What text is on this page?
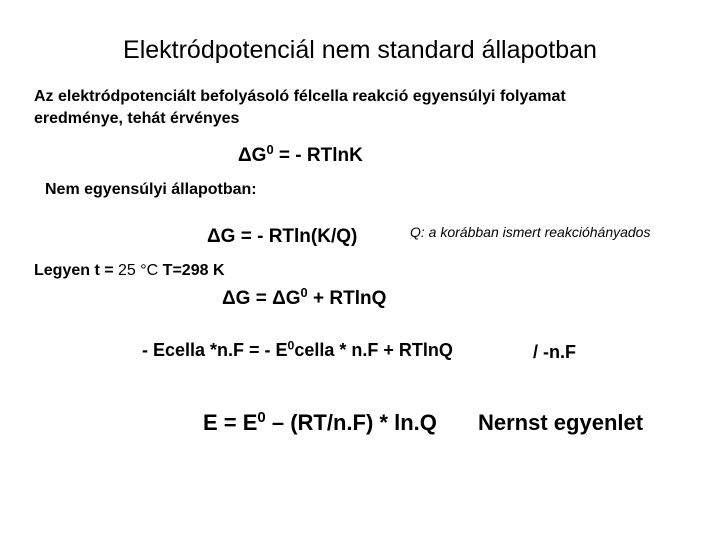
Elektródpotenciál nem standard állapotban
Az elektródpotenciált befolyásoló félcella reakció egyensúlyi folyamat
eredménye, tehát érvényes
$\Delta G^0$ = - RTlnK
Nem egyensúlyi állapotban:
ΔG = - RTln(K/Q)	Q: a korábban ismert reakcióhányados
Legyen t = 25 °C T=298 K
$\Delta G = \Delta G^0 + RTlnQ$
- Ecella *n.F = - $E^0cella * n.F + RTlnQ$	/ -n.F
$E = E^0 - (RT/n.F) * \ln.Q$ Nernst egyenlet
